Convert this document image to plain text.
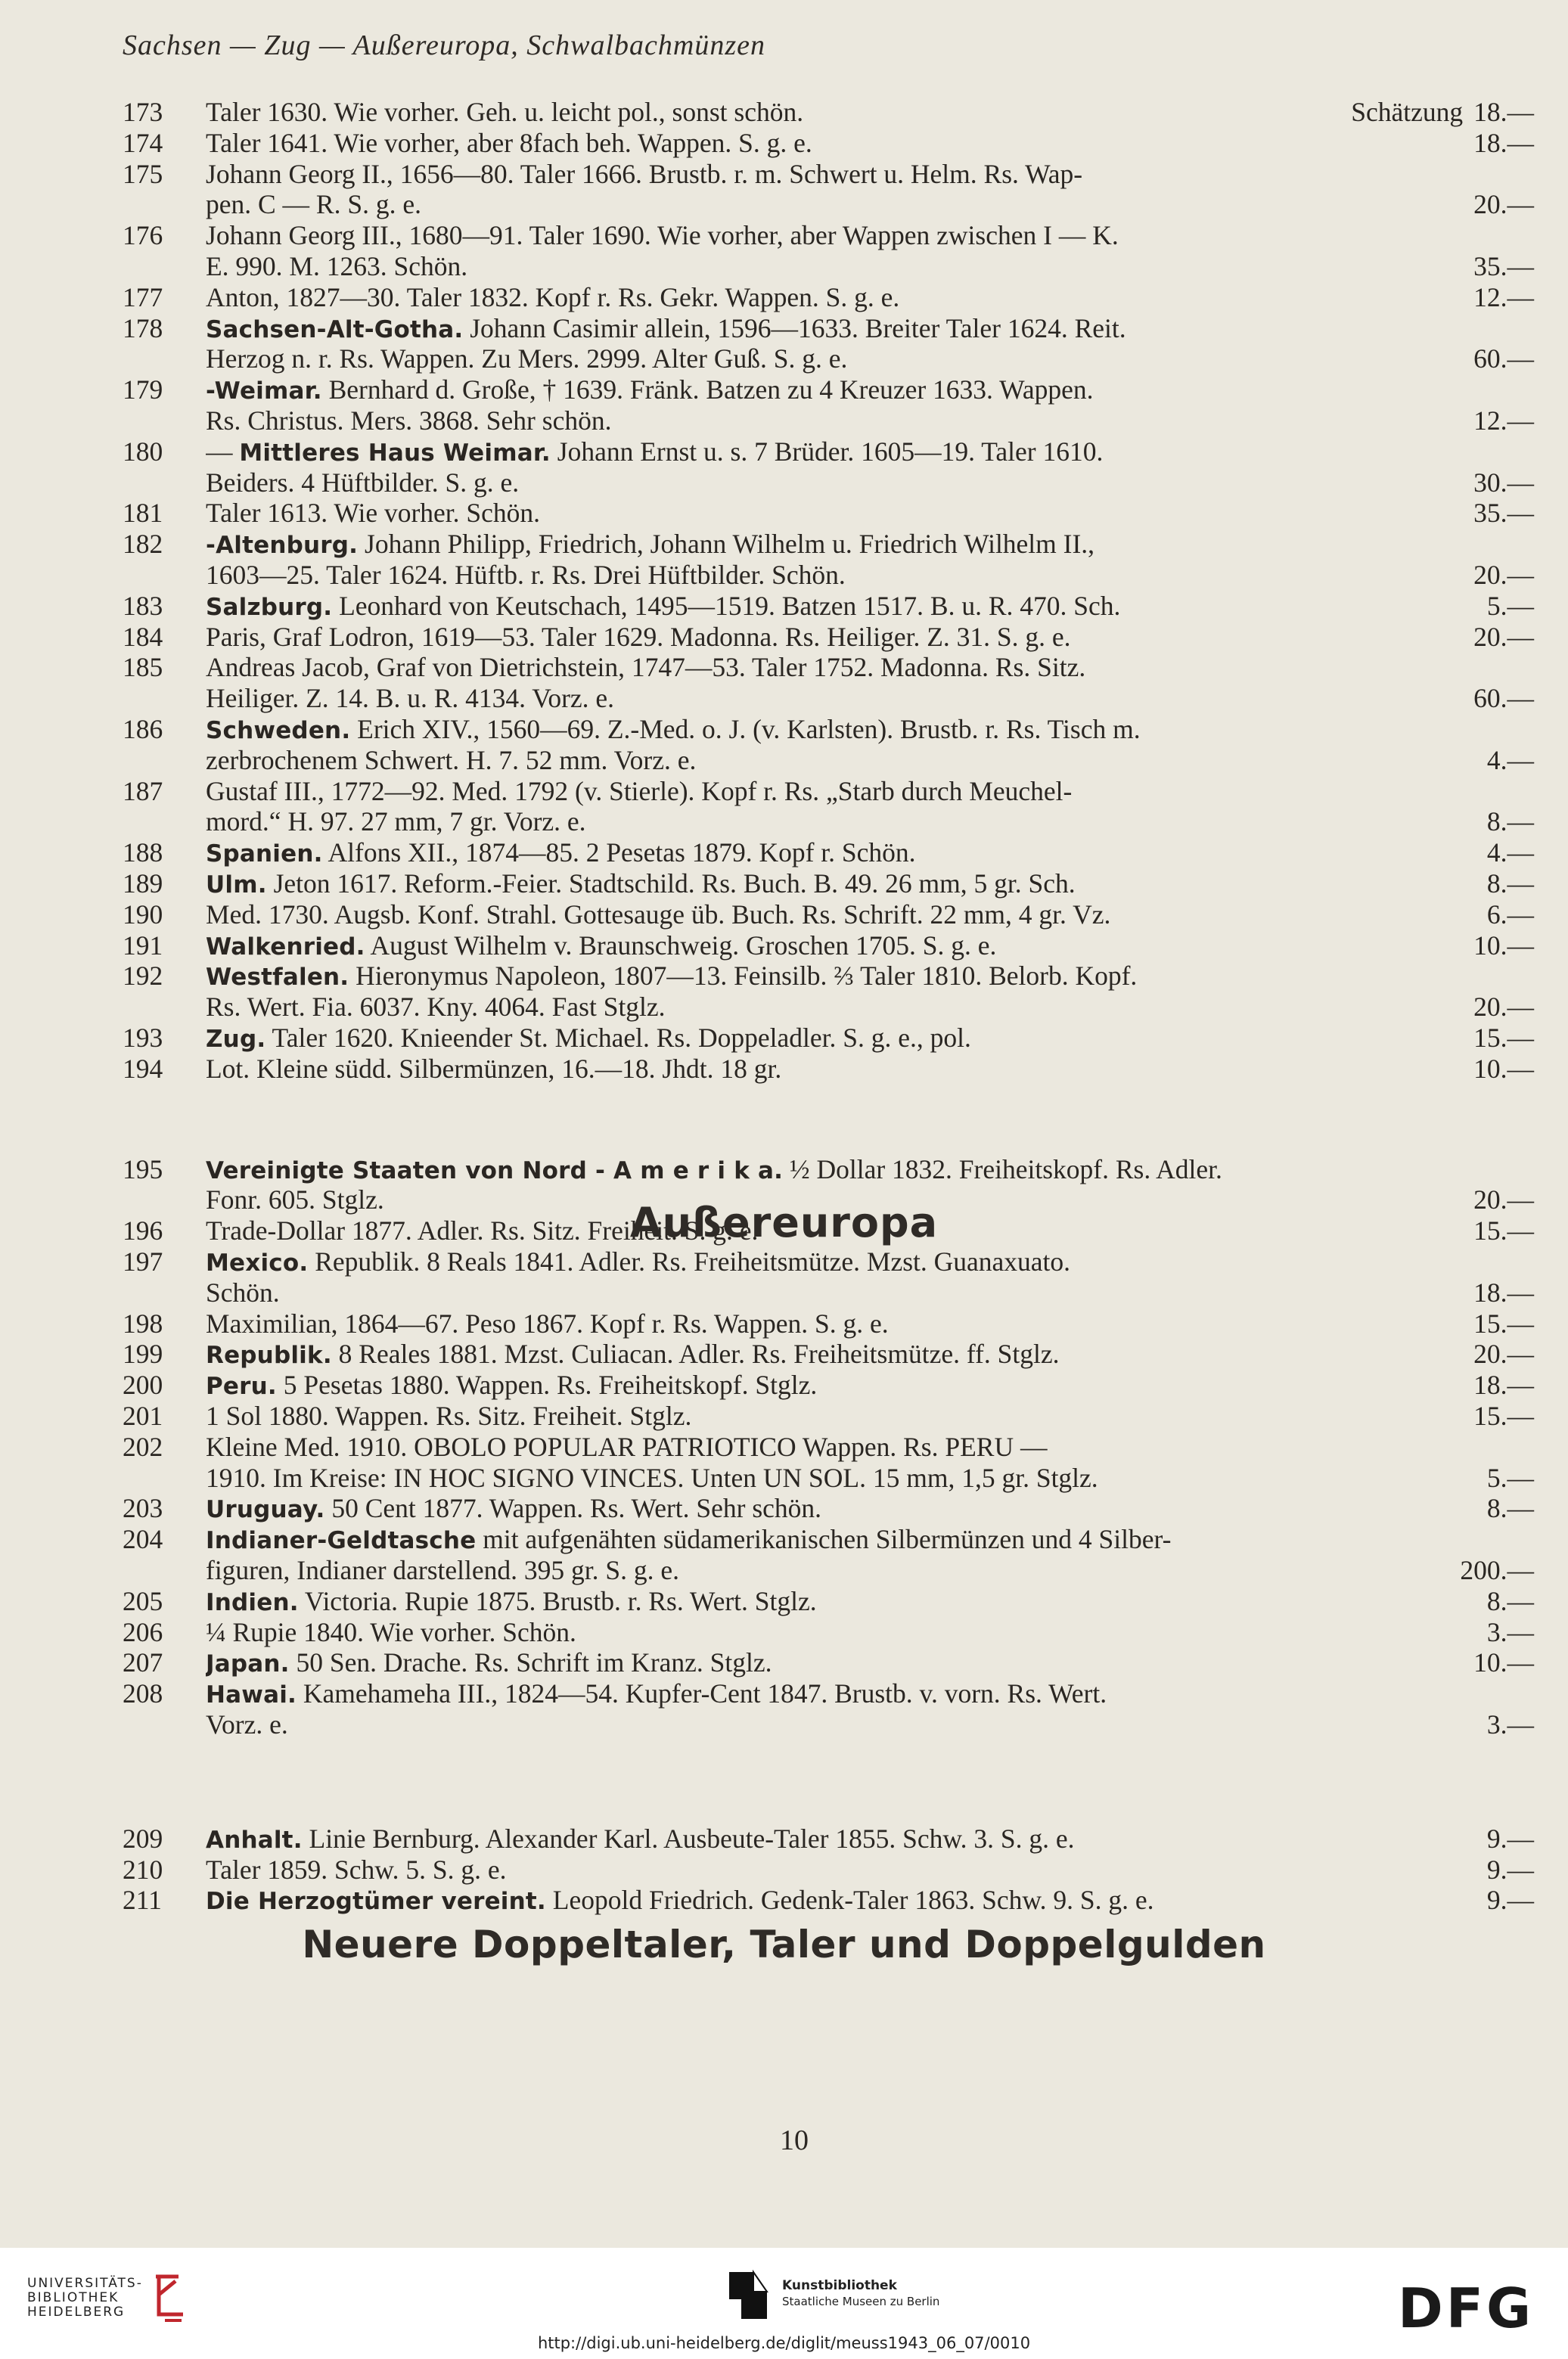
Sachsen — Zug — Außereuropa, Schwalbachmünzen
173	Taler 1630. Wie vorher. Geh. u. leicht pol., sonst schön.	Schätzung 18.—
174	Taler 1641. Wie vorher, aber 8fach beh. Wappen. S. g. e.	18.—
175	Johann Georg II., 1656—80. Taler 1666. Brustb. r. m. Schwert u. Helm. Rs. Wap-
pen. C — R. S. g. e.	20.—
176	Johann Georg III., 1680—91. Taler 1690. Wie vorher, aber Wappen zwischen I — K.
E. 990. M. 1263. Schön.	35.—
177	Anton, 1827—30. Taler 1832. Kopf r. Rs. Gekr. Wappen. S. g. e.	12.—
178	Sachsen-Alt-Gotha. Johann Casimir allein, 1596—1633. Breiter Taler 1624. Reit.
Herzog n. r. Rs. Wappen. Zu Mers. 2999. Alter Guß. S. g. e.	60.—
179	-Weimar. Bernhard d. Große, † 1639. Fränk. Batzen zu 4 Kreuzer 1633. Wappen.
Rs. Christus. Mers. 3868. Sehr schön.	12.—
180	— Mittleres Haus Weimar. Johann Ernst u. s. 7 Brüder. 1605—19. Taler 1610.
Beiders. 4 Hüftbilder. S. g. e.	30.—
181	Taler 1613. Wie vorher. Schön.	35.—
182	-Altenburg. Johann Philipp, Friedrich, Johann Wilhelm u. Friedrich Wilhelm II.,
1603—25. Taler 1624. Hüftb. r. Rs. Drei Hüftbilder. Schön.	20.—
183	Salzburg. Leonhard von Keutschach, 1495—1519. Batzen 1517. B. u. R. 470. Sch.	5.—
184	Paris, Graf Lodron, 1619—53. Taler 1629. Madonna. Rs. Heiliger. Z. 31. S. g. e.	20.—
185	Andreas Jacob, Graf von Dietrichstein, 1747—53. Taler 1752. Madonna. Rs. Sitz.
Heiliger. Z. 14. B. u. R. 4134. Vorz. e.	60.—
186	Schweden. Erich XIV., 1560—69. Z.-Med. o. J. (v. Karlsten). Brustb. r. Rs. Tisch m.
zerbrochenem Schwert. H. 7. 52 mm. Vorz. e.	4.—
187	Gustaf III., 1772—92. Med. 1792 (v. Stierle). Kopf r. Rs. „Starb durch Meuchel-
mord.“ H. 97. 27 mm, 7 gr. Vorz. e.	8.—
188	Spanien. Alfons XII., 1874—85. 2 Pesetas 1879. Kopf r. Schön.	4.—
189	Ulm. Jeton 1617. Reform.-Feier. Stadtschild. Rs. Buch. B. 49. 26 mm, 5 gr. Sch.	8.—
190	Med. 1730. Augsb. Konf. Strahl. Gottesauge üb. Buch. Rs. Schrift. 22 mm, 4 gr. Vz.	6.—
191	Walkenried. August Wilhelm v. Braunschweig. Groschen 1705. S. g. e.	10.—
192	Westfalen. Hieronymus Napoleon, 1807—13. Feinsilb. ⅔ Taler 1810. Belorb. Kopf.
Rs. Wert. Fia. 6037. Kny. 4064. Fast Stglz.	20.—
193	Zug. Taler 1620. Knieender St. Michael. Rs. Doppeladler. S. g. e., pol.	15.—
194	Lot. Kleine südd. Silbermünzen, 16.—18. Jhdt. 18 gr.	10.—
195	Vereinigte Staaten von Nord - A m e r i k a. ½ Dollar 1832. Freiheitskopf. Rs. Adler.
Fonr. 605. Stglz.	20.—
196	Trade-Dollar 1877. Adler. Rs. Sitz. Freiheit. S. g. e.	15.—
197	Mexico. Republik. 8 Reals 1841. Adler. Rs. Freiheitsmütze. Mzst. Guanaxuato.
Schön.	18.—
198	Maximilian, 1864—67. Peso 1867. Kopf r. Rs. Wappen. S. g. e.	15.—
199	Republik. 8 Reales 1881. Mzst. Culiacan. Adler. Rs. Freiheitsmütze. ff. Stglz.	20.—
200	Peru. 5 Pesetas 1880. Wappen. Rs. Freiheitskopf. Stglz.	18.—
201	1 Sol 1880. Wappen. Rs. Sitz. Freiheit. Stglz.	15.—
202	Kleine Med. 1910. OBOLO POPULAR PATRIOTICO Wappen. Rs. PERU —
1910. Im Kreise: IN HOC SIGNO VINCES. Unten UN SOL. 15 mm, 1,5 gr. Stglz.	5.—
203	Uruguay. 50 Cent 1877. Wappen. Rs. Wert. Sehr schön.	8.—
204	Indianer-Geldtasche mit aufgenähten südamerikanischen Silbermünzen und 4 Silber-
figuren, Indianer darstellend. 395 gr. S. g. e.	200.—
205	Indien. Victoria. Rupie 1875. Brustb. r. Rs. Wert. Stglz.	8.—
206	¼ Rupie 1840. Wie vorher. Schön.	3.—
207	Japan. 50 Sen. Drache. Rs. Schrift im Kranz. Stglz.	10.—
208	Hawai. Kamehameha III., 1824—54. Kupfer-Cent 1847. Brustb. v. vorn. Rs. Wert.
Vorz. e.	3.—
209	Anhalt. Linie Bernburg. Alexander Karl. Ausbeute-Taler 1855. Schw. 3. S. g. e.	9.—
210	Taler 1859. Schw. 5. S. g. e.	9.—
211	Die Herzogtümer vereint. Leopold Friedrich. Gedenk-Taler 1863. Schw. 9. S. g. e.	9.—
Außereuropa
Neuere Doppeltaler, Taler und Doppelgulden
10
UNIVERSITÄTS-
BIBLIOTHEK
HEIDELBERG
Kunstbibliothek
Staatliche Museen zu Berlin	DFG
http://digi.ub.uni-heidelberg.de/diglit/meuss1943_06_07/0010
